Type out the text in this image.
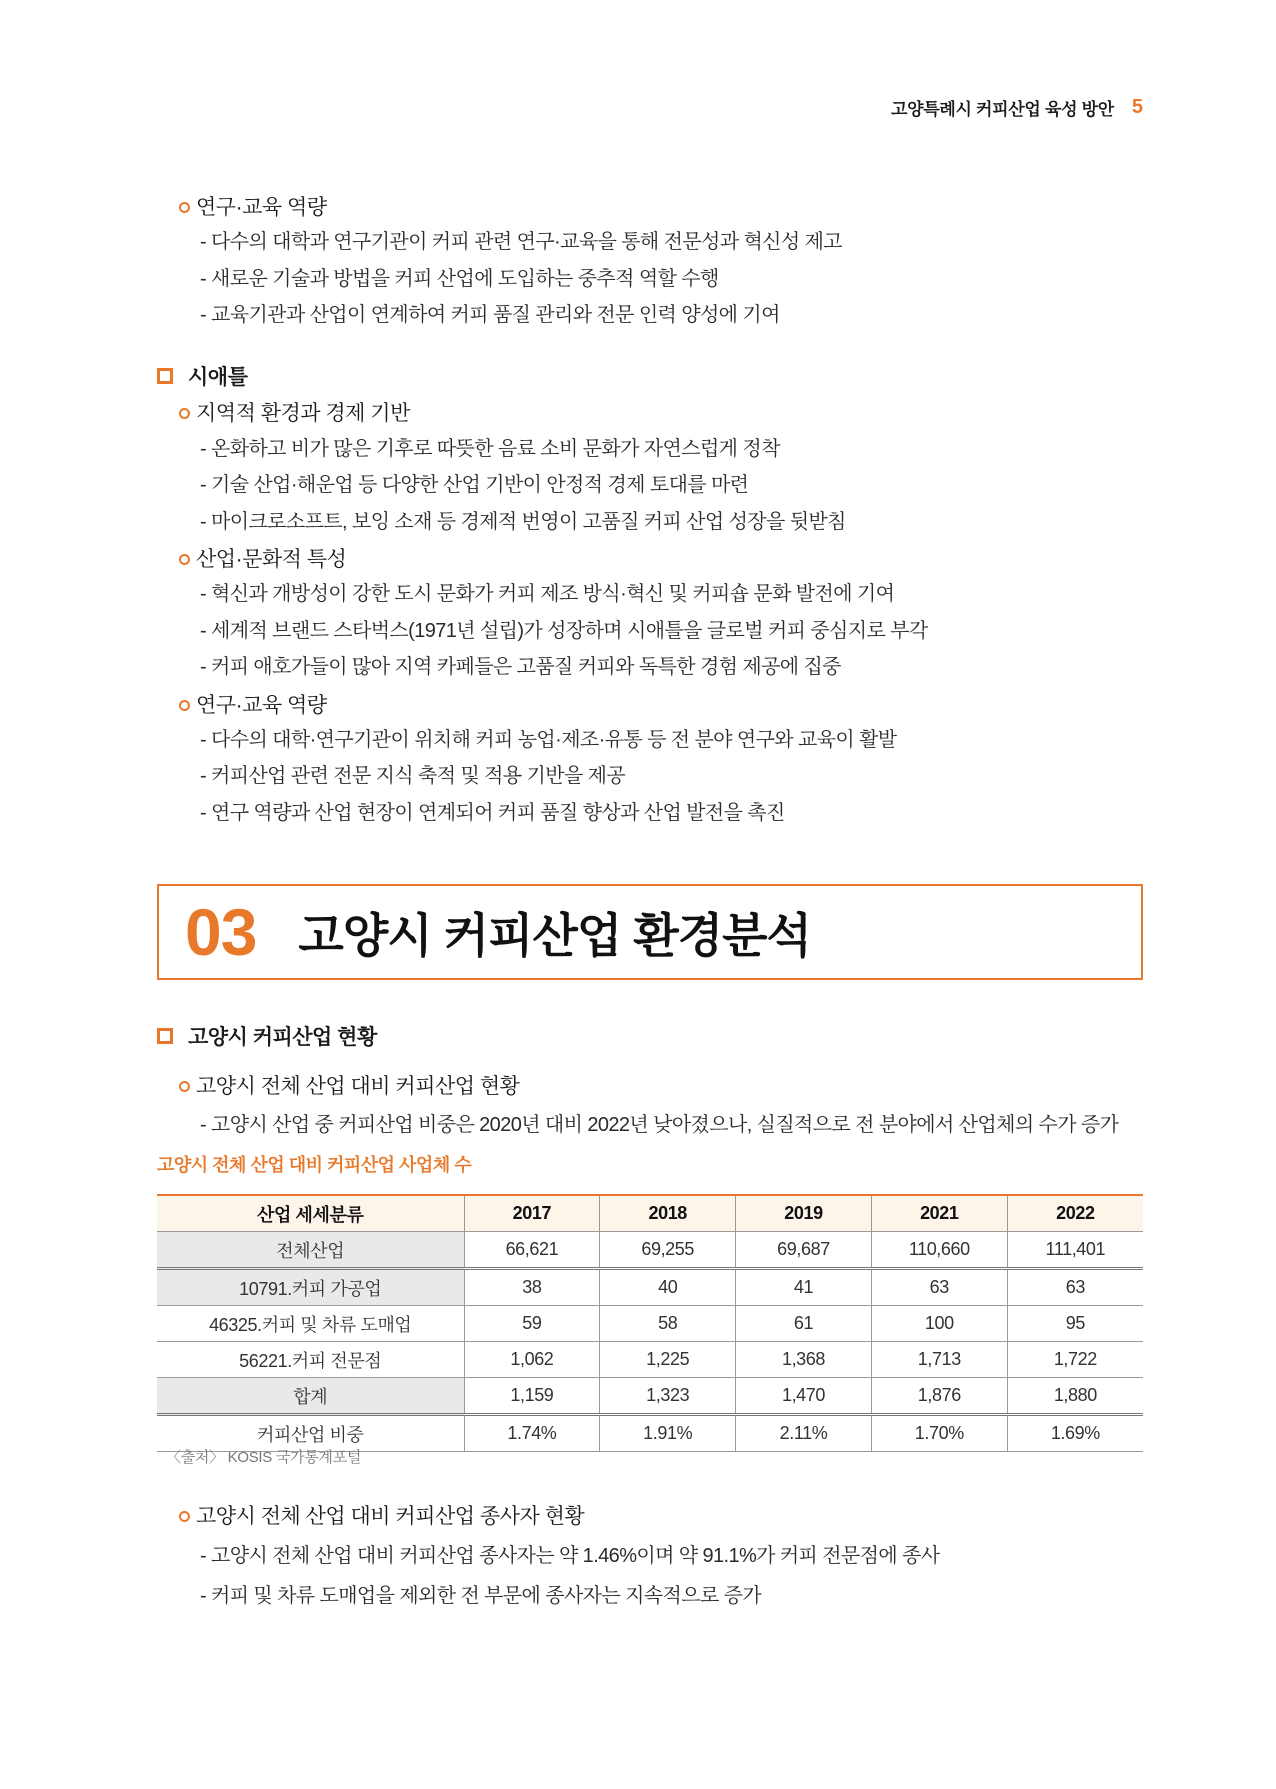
고양특례시 커피산업 육성 방안 5
연구·교육 역량
- 다수의 대학과 연구기관이 커피 관련 연구·교육을 통해 전문성과 혁신성 제고
- 새로운 기술과 방법을 커피 산업에 도입하는 중추적 역할 수행
- 교육기관과 산업이 연계하여 커피 품질 관리와 전문 인력 양성에 기여
시애틀
지역적 환경과 경제 기반
- 온화하고 비가 많은 기후로 따뜻한 음료 소비 문화가 자연스럽게 정착
- 기술 산업·해운업 등 다양한 산업 기반이 안정적 경제 토대를 마련
- 마이크로소프트, 보잉 소재 등 경제적 번영이 고품질 커피 산업 성장을 뒷받침
산업·문화적 특성
- 혁신과 개방성이 강한 도시 문화가 커피 제조 방식·혁신 및 커피숍 문화 발전에 기여
- 세계적 브랜드 스타벅스(1971년 설립)가 성장하며 시애틀을 글로벌 커피 중심지로 부각
- 커피 애호가들이 많아 지역 카페들은 고품질 커피와 독특한 경험 제공에 집중
연구·교육 역량
- 다수의 대학·연구기관이 위치해 커피 농업·제조·유통 등 전 분야 연구와 교육이 활발
- 커피산업 관련 전문 지식 축적 및 적용 기반을 제공
- 연구 역량과 산업 현장이 연계되어 커피 품질 향상과 산업 발전을 촉진
03 고양시 커피산업 환경분석
고양시 커피산업 현황
고양시 전체 산업 대비 커피산업 현황
- 고양시 산업 중 커피산업 비중은 2020년 대비 2022년 낮아졌으나, 실질적으로 전 분야에서 산업체의 수가 증가
고양시 전체 산업 대비 커피산업 사업체 수
산업 세세분류	2017	2018	2019	2021	2022
전체산업	66,621	69,255	69,687	110,660	111,401
10791.커피 가공업	38	40	41	63	63
46325.커피 및 차류 도매업	59	58	61	100	95
56221.커피 전문점	1,062	1,225	1,368	1,713	1,722
합계	1,159	1,323	1,470	1,876	1,880
커피산업 비중	1.74%	1.91%	2.11%	1.70%	1.69%
〈출처〉 KOSIS 국가통계포털
고양시 전체 산업 대비 커피산업 종사자 현황
- 고양시 전체 산업 대비 커피산업 종사자는 약 1.46%이며 약 91.1%가 커피 전문점에 종사
- 커피 및 차류 도매업을 제외한 전 부문에 종사자는 지속적으로 증가
